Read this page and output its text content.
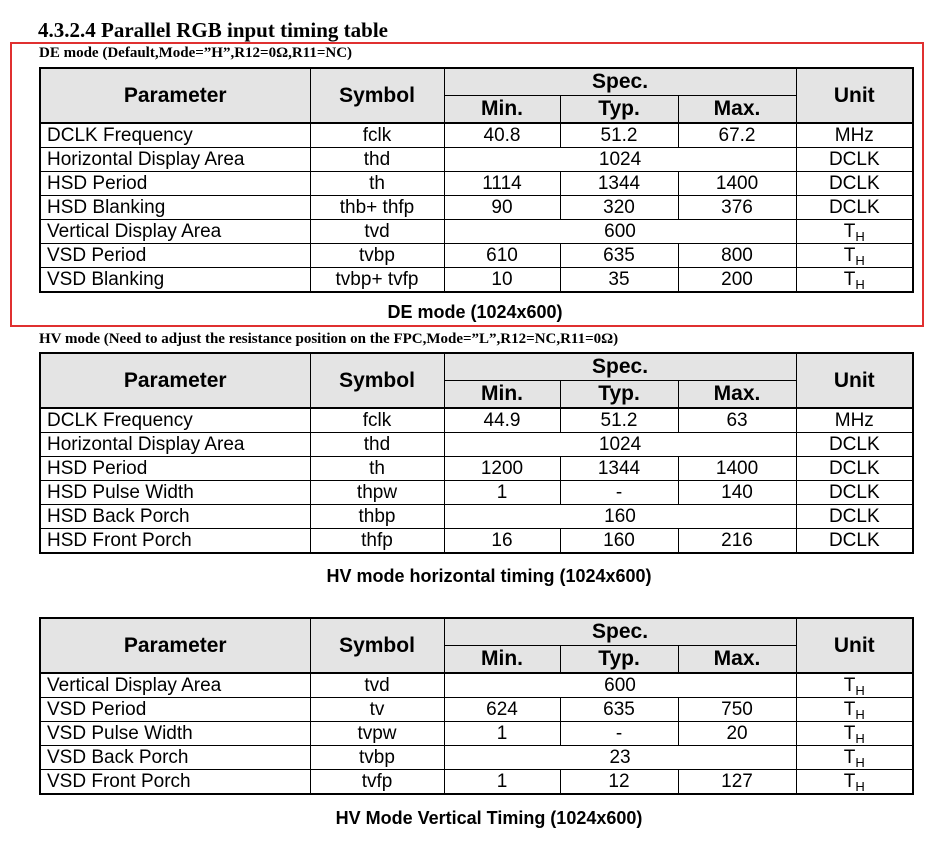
4.3.2.4 Parallel RGB input timing table
DE mode (Default,Mode=”H”,R12=0Ω,R11=NC)
HV mode (Need to adjust the resistance position on the FPC,Mode=”L”,R12=NC,R11=0Ω)
Parameter	Symbol	Spec.			Unit
		Min.	Typ.	Max.	
DCLK Frequency	fclk	40.8	51.2	67.2	MHz
Horizontal Display Area	thd	1024			DCLK
HSD Period	th	1114	1344	1400	DCLK
HSD Blanking	thb+ thfp	90	320	376	DCLK
Vertical Display Area	tvd	600			$T_H$
VSD Period	tvbp	610	635	800	$T_H$
VSD Blanking	tvbp+ tvfp	10	35	200	$T_H$
DE mode (1024x600)
Parameter	Symbol	Spec.			Unit
		Min.	Typ.	Max.	
DCLK Frequency	fclk	44.9	51.2	63	MHz
Horizontal Display Area	thd	1024			DCLK
HSD Period	th	1200	1344	1400	DCLK
HSD Pulse Width	thpw	1	-	140	DCLK
HSD Back Porch	thbp	160			DCLK
HSD Front Porch	thfp	16	160	216	DCLK
HV mode horizontal timing (1024x600)
Parameter	Symbol	Spec.			Unit
		Min.	Typ.	Max.	
Vertical Display Area	tvd	600			$T_H$
VSD Period	tv	624	635	750	$T_H$
VSD Pulse Width	tvpw	1	-	20	$T_H$
VSD Back Porch	tvbp	23			$T_H$
VSD Front Porch	tvfp	1	12	127	$T_H$
HV Mode Vertical Timing (1024x600)
